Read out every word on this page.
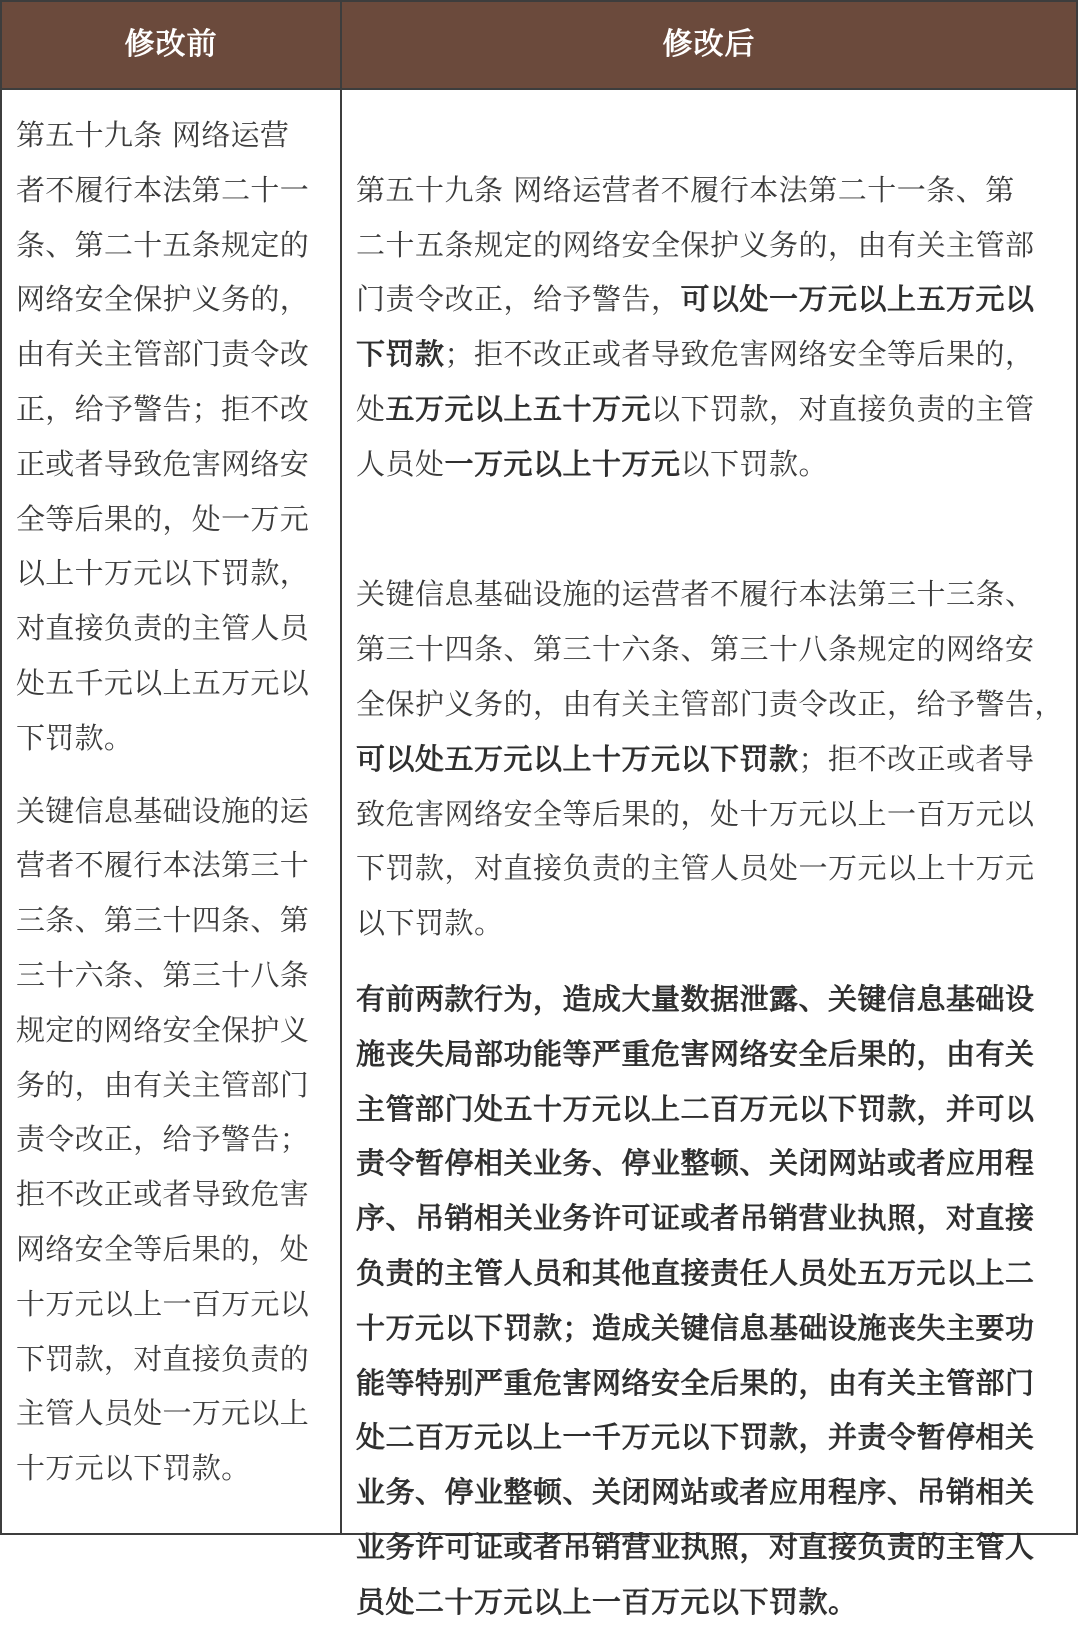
修改前	修改后

第五十九条 网络运营
者不履行本法第二十一
条、第二十五条规定的
网络安全保护义务的，
由有关主管部门责令改
正，给予警告；拒不改
正或者导致危害网络安
全等后果的，处一万元
以上十万元以下罚款，
对直接负责的主管人员
处五千元以上五万元以
下罚款。

关键信息基础设施的运
营者不履行本法第三十
三条、第三十四条、第
三十六条、第三十八条
规定的网络安全保护义
务的，由有关主管部门
责令改正，给予警告；
拒不改正或者导致危害
网络安全等后果的，处
十万元以上一百万元以
下罚款，对直接负责的
主管人员处一万元以上
十万元以下罚款。

第五十九条 网络运营者不履行本法第二十一条、第
二十五条规定的网络安全保护义务的，由有关主管部
门责令改正，给予警告，可以处一万元以上五万元以
下罚款；拒不改正或者导致危害网络安全等后果的，
处五万元以上五十万元以下罚款，对直接负责的主管
人员处一万元以上十万元以下罚款。

关键信息基础设施的运营者不履行本法第三十三条、
第三十四条、第三十六条、第三十八条规定的网络安
全保护义务的，由有关主管部门责令改正，给予警告，
可以处五万元以上十万元以下罚款；拒不改正或者导
致危害网络安全等后果的，处十万元以上一百万元以
下罚款，对直接负责的主管人员处一万元以上十万元
以下罚款。

有前两款行为，造成大量数据泄露、关键信息基础设
施丧失局部功能等严重危害网络安全后果的，由有关
主管部门处五十万元以上二百万元以下罚款，并可以
责令暂停相关业务、停业整顿、关闭网站或者应用程
序、吊销相关业务许可证或者吊销营业执照，对直接
负责的主管人员和其他直接责任人员处五万元以上二
十万元以下罚款；造成关键信息基础设施丧失主要功
能等特别严重危害网络安全后果的，由有关主管部门
处二百万元以上一千万元以下罚款，并责令暂停相关
业务、停业整顿、关闭网站或者应用程序、吊销相关
业务许可证或者吊销营业执照，对直接负责的主管人
员处二十万元以上一百万元以下罚款。
